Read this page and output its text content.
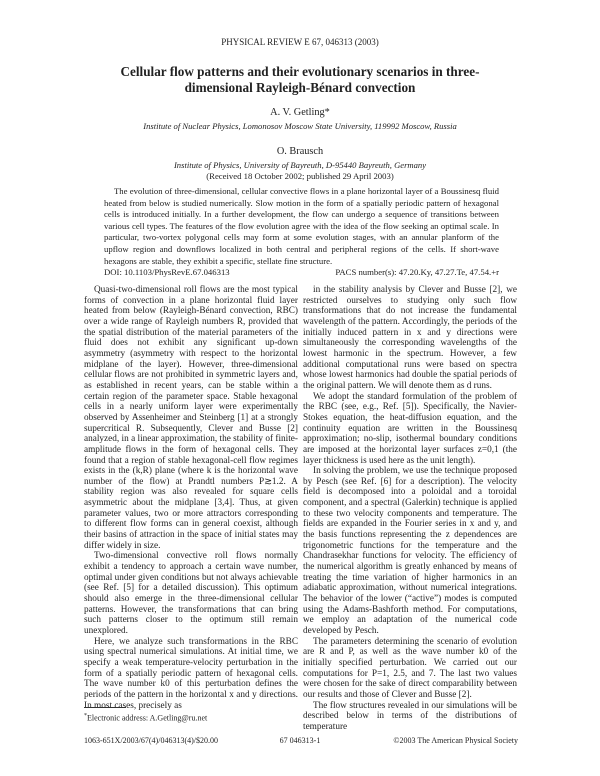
PHYSICAL REVIEW E 67, 046313 (2003)
Cellular flow patterns and their evolutionary scenarios in three-dimensional Rayleigh-Bénard convection
A. V. Getling*
Institute of Nuclear Physics, Lomonosov Moscow State University, 119992 Moscow, Russia
O. Brausch
Institute of Physics, University of Bayreuth, D-95440 Bayreuth, Germany
(Received 18 October 2002; published 29 April 2003)
The evolution of three-dimensional, cellular convective flows in a plane horizontal layer of a Boussinesq fluid heated from below is studied numerically. Slow motion in the form of a spatially periodic pattern of hexagonal cells is introduced initially. In a further development, the flow can undergo a sequence of transitions between various cell types. The features of the flow evolution agree with the idea of the flow seeking an optimal scale. In particular, two-vortex polygonal cells may form at some evolution stages, with an annular planform of the upflow region and downflows localized in both central and peripheral regions of the cells. If short-wave hexagons are stable, they exhibit a specific, stellate fine structure.
DOI: 10.1103/PhysRevE.67.046313	PACS number(s): 47.20.Ky, 47.27.Te, 47.54.+r

Quasi-two-dimensional roll flows are the most typical forms of convection in a plane horizontal fluid layer heated from below (Rayleigh-Bénard convection, RBC) over a wide range of Rayleigh numbers R, provided that the spatial distribution of the material parameters of the fluid does not exhibit any significant up-down asymmetry (asymmetry with respect to the horizontal midplane of the layer). However, three-dimensional cellular flows are not prohibited in symmetric layers and, as established in recent years, can be stable within a certain region of the parameter space. Stable hexagonal cells in a nearly uniform layer were experimentally observed by Assenheimer and Steinberg [1] at a strongly supercritical R. Subsequently, Clever and Busse [2] analyzed, in a linear approximation, the stability of finite-amplitude flows in the form of hexagonal cells. They found that a region of stable hexagonal-cell flow regimes exists in the (k,R) plane (where k is the horizontal wave number of the flow) at Prandtl numbers P≳1.2. A stability region was also revealed for square cells asymmetric about the midplane [3,4]. Thus, at given parameter values, two or more attractors corresponding to different flow forms can in general coexist, although their basins of attraction in the space of initial states may differ widely in size.

Two-dimensional convective roll flows normally exhibit a tendency to approach a certain wave number, optimal under given conditions but not always achievable (see Ref. [5] for a detailed discussion). This optimum should also emerge in the three-dimensional cellular patterns. However, the transformations that can bring such patterns closer to the optimum still remain unexplored.

Here, we analyze such transformations in the RBC using spectral numerical simulations. At initial time, we specify a weak temperature-velocity perturbation in the form of a spatially periodic pattern of hexagonal cells. The wave number k0 of this perturbation defines the periods of the pattern in the horizontal x and y directions. In most cases, precisely as

in the stability analysis by Clever and Busse [2], we restricted ourselves to studying only such flow transformations that do not increase the fundamental wavelength of the pattern. Accordingly, the periods of the initially induced pattern in x and y directions were simultaneously the corresponding wavelengths of the lowest harmonic in the spectrum. However, a few additional computational runs were based on spectra whose lowest harmonics had double the spatial periods of the original pattern. We will denote them as d runs.

We adopt the standard formulation of the problem of the RBC (see, e.g., Ref. [5]). Specifically, the Navier-Stokes equation, the heat-diffusion equation, and the continuity equation are written in the Boussinesq approximation; no-slip, isothermal boundary conditions are imposed at the horizontal layer surfaces z=0,1 (the layer thickness is used here as the unit length).

In solving the problem, we use the technique proposed by Pesch (see Ref. [6] for a description). The velocity field is decomposed into a poloidal and a toroidal component, and a spectral (Galerkin) technique is applied to these two velocity components and temperature. The fields are expanded in the Fourier series in x and y, and the basis functions representing the z dependences are trigonometric functions for the temperature and the Chandrasekhar functions for velocity. The efficiency of the numerical algorithm is greatly enhanced by means of treating the time variation of higher harmonics in an adiabatic approximation, without numerical integrations. The behavior of the lower (“active”) modes is computed using the Adams-Bashforth method. For computations, we employ an adaptation of the numerical code developed by Pesch.

The parameters determining the scenario of evolution are R and P, as well as the wave number k0 of the initially specified perturbation. We carried out our computations for P=1, 2.5, and 7. The last two values were chosen for the sake of direct comparability between our results and those of Clever and Busse [2].

The flow structures revealed in our simulations will be described below in terms of the distributions of temperature

*Electronic address: A.Getling@ru.net
1063-651X/2003/67(4)/046313(4)/$20.00	67 046313-1	©2003 The American Physical Society
